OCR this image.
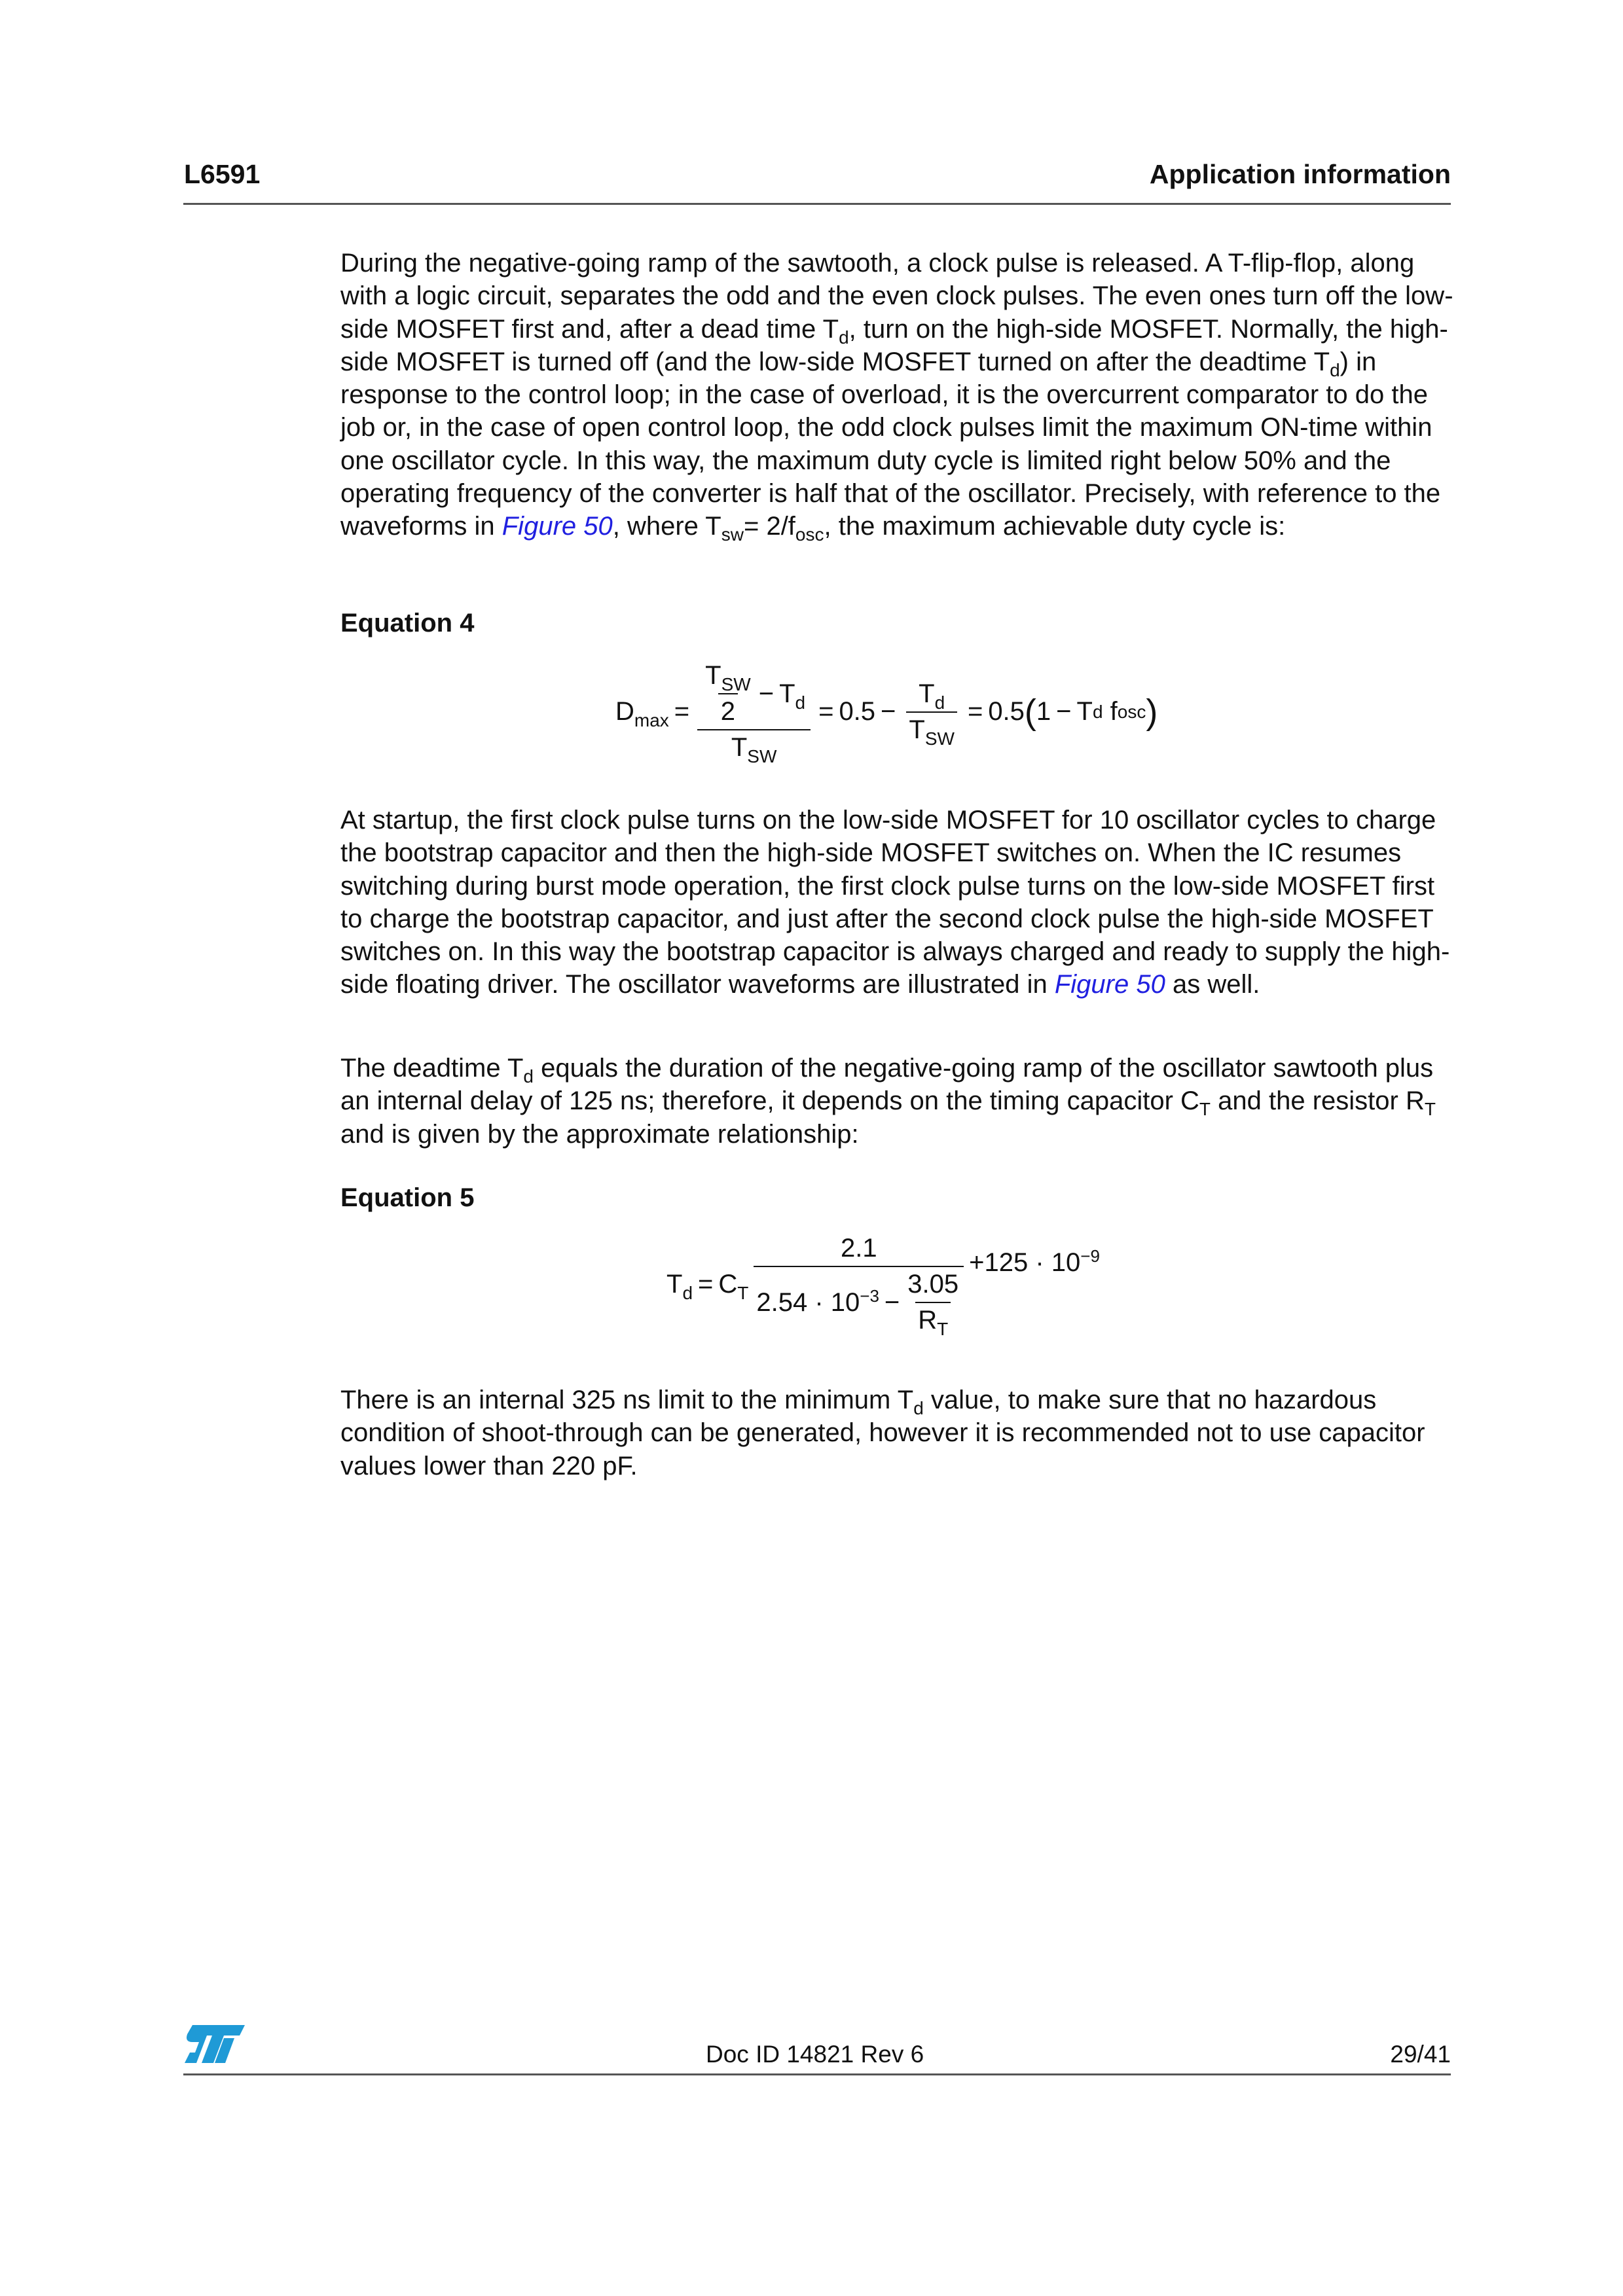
L6591	Application information
During the negative-going ramp of the sawtooth, a clock pulse is released. A T-flip-flop, along with a logic circuit, separates the odd and the even clock pulses. The even ones turn off the low-side MOSFET first and, after a dead time $T_d$, turn on the high-side MOSFET. Normally, the high-side MOSFET is turned off (and the low-side MOSFET turned on after the deadtime $T_d$) in response to the control loop; in the case of overload, it is the overcurrent comparator to do the job or, in the case of open control loop, the odd clock pulses limit the maximum ON-time within one oscillator cycle. In this way, the maximum duty cycle is limited right below 50% and the operating frequency of the converter is half that of the oscillator. Precisely, with reference to the waveforms in Figure 50, where $T_{sw}= 2/f_{osc}$, the maximum achievable duty cycle is:
Equation 4
$D_{max} = \frac{\frac{T_{SW}}{2} - T_d}{T_{SW}} = 0.5 - \frac{T_d}{T_{SW}} = 0.5$ ( 1 − T d
f osc )
At startup, the first clock pulse turns on the low-side MOSFET for 10 oscillator cycles to charge the bootstrap capacitor and then the high-side MOSFET switches on. When the IC resumes switching during burst mode operation, the first clock pulse turns on the low-side MOSFET first to charge the bootstrap capacitor, and just after the second clock pulse the high-side MOSFET switches on. In this way the bootstrap capacitor is always charged and ready to supply the high-side floating driver. The oscillator waveforms are illustrated in Figure 50 as well.
The deadtime $T_d$ equals the duration of the negative-going ramp of the oscillator sawtooth plus an internal delay of 125 ns; therefore, it depends on the timing capacitor $C_T$ and the resistor $R_T$ and is given by the approximate relationship:
Equation 5
$T_d = C_T \frac{2.1}{2.54 \cdot 10^{-3} - \frac{3.05}{R_T}} +125 \cdot 10^{-9}$
There is an internal 325 ns limit to the minimum $T_d$ value, to make sure that no hazardous condition of shoot-through can be generated, however it is recommended not to use capacitor values lower than 220 pF.
Doc ID 14821 Rev 6	29/41
